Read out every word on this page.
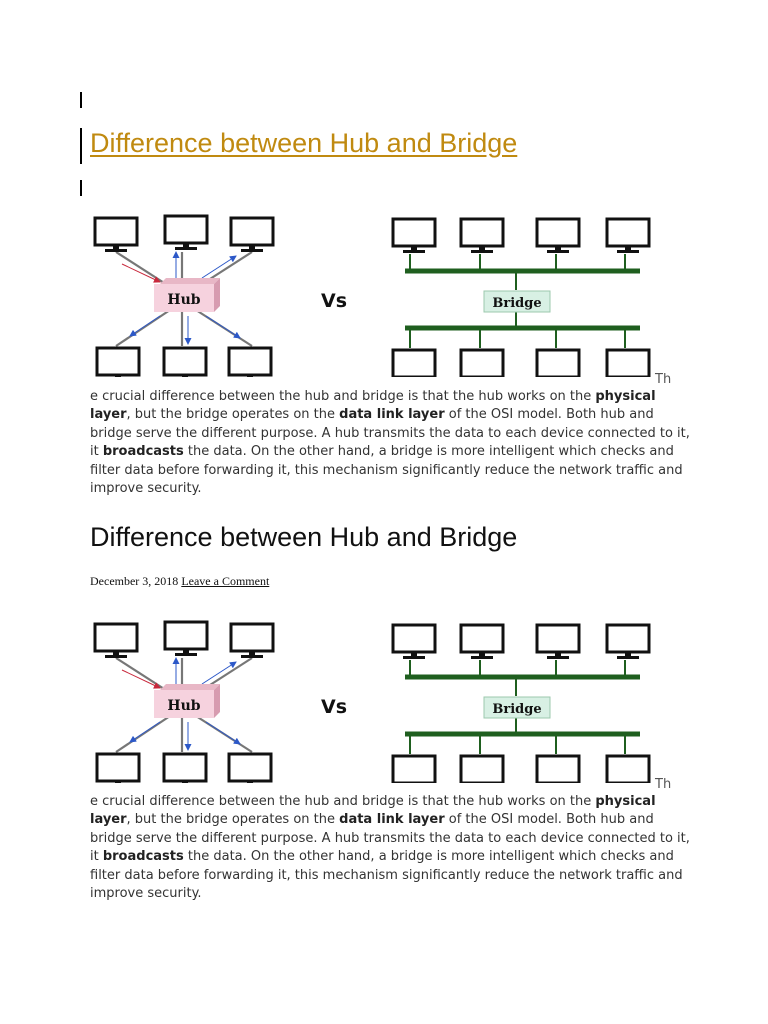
Difference between Hub and Bridge
Hub	Vs	Bridge
Th

e crucial difference between the hub and bridge is that the hub works on the physical layer, but the bridge operates on the data link layer of the OSI model. Both hub and bridge serve the different purpose. A hub transmits the data to each device connected to it, it broadcasts the data. On the other hand, a bridge is more intelligent which checks and filter data before forwarding it, this mechanism significantly reduce the network traffic and improve security.

Difference between Hub and Bridge
December 3, 2018 Leave a Comment
Hub	Vs	Bridge
Th

e crucial difference between the hub and bridge is that the hub works on the physical layer, but the bridge operates on the data link layer of the OSI model. Both hub and bridge serve the different purpose. A hub transmits the data to each device connected to it, it broadcasts the data. On the other hand, a bridge is more intelligent which checks and filter data before forwarding it, this mechanism significantly reduce the network traffic and improve security.
